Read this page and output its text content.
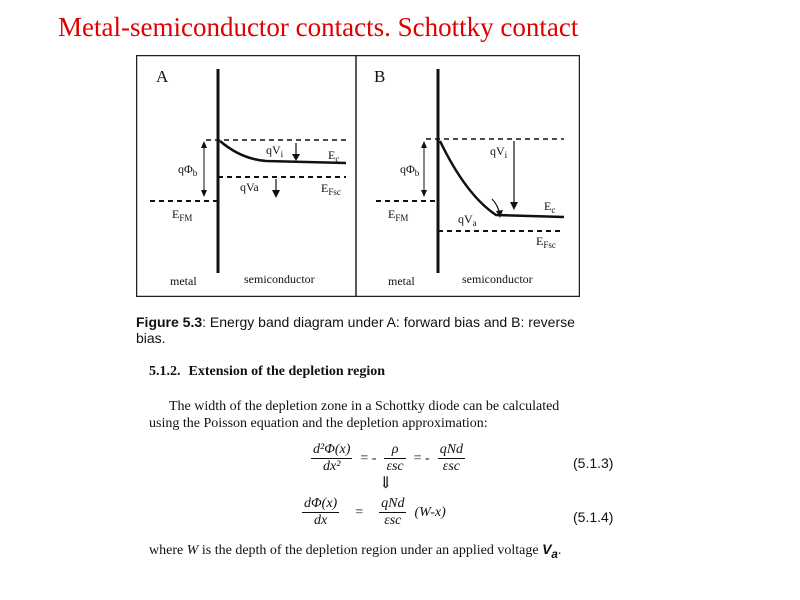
Metal-semiconductor contacts. Schottky contact
A
$q\Phi_b$
$qV_i$	$E_c$
qVa	$E_{Fsc}$
$E_{FM}$
metal	semiconductor
B
$q\Phi_b$
$qV_i$
$E_c$
$qV_a$
$E_{Fsc}$
$E_{FM}$
metal	semiconductor
Figure 5.3: Energy band diagram under A: forward bias and B: reverse bias.
5.1.2. Extension of the depletion region
The width of the depletion zone in a Schottky diode can be calculated
using the Poisson equation and the depletion approximation:
$\frac{\text{d²Φ(x)}}{\text{dx²}}$ = - $\frac{\rho}{\text{εsc}}$ = - $\frac{\text{qNd}}{\text{εsc}}$	(5.1.3)
⇓
$\frac{d\Phi(x)}{dx} = \frac{\text{qNd}}{\text{εsc}} (W-x)$	(5.1.4)
where W is the depth of the depletion region under an applied voltage $V_a$.
